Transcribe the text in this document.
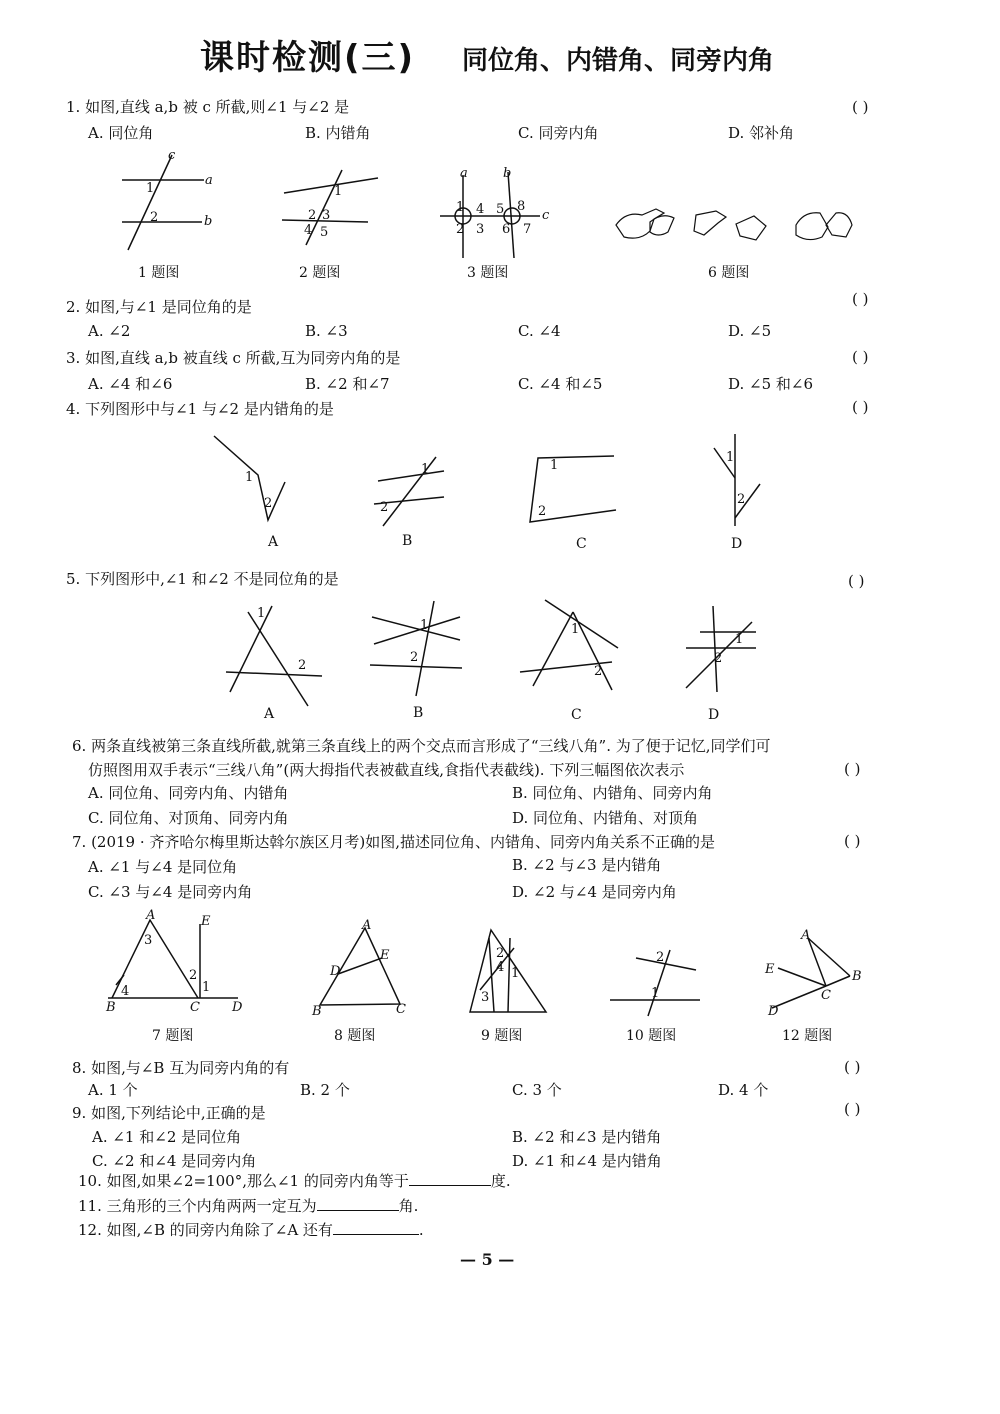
课时检测(三) 同位角、内错角、同旁内角
1. 如图,直线 a,b 被 c 所截,则∠1 与∠2 是	( )
A. 同位角	B. 内错角	C. 同旁内角	D. 邻补角
c
a
b
1
2
1
2 3
4 5
a	b
c
1
2 3
4 5
6 7
8
1 题图	2 题图	3 题图	6 题图
2. 如图,与∠1 是同位角的是	( )
A. ∠2	B. ∠3	C. ∠4	D. ∠5
3. 如图,直线 a,b 被直线 c 所截,互为同旁内角的是	( )
A. ∠4 和∠6	B. ∠2 和∠7	C. ∠4 和∠5	D. ∠5 和∠6
4. 下列图形中与∠1 与∠2 是内错角的是	( )
1
2
1
2
1
2
1
2
A	B	C	D
5. 下列图形中,∠1 和∠2 不是同位角的是	( )
1
2
1
2
1
2
1
2
A	B	C	D
6. 两条直线被第三条直线所截,就第三条直线上的两个交点而言形成了“三线八角”. 为了便于记忆,同学们可
仿照图用双手表示“三线八角”(两大拇指代表被截直线,食指代表截线). 下列三幅图依次表示	( )
A. 同位角、同旁内角、内错角	B. 同位角、内错角、同旁内角
C. 同位角、对顶角、同旁内角	D. 同位角、内错角、对顶角
7. (2019 · 齐齐哈尔梅里斯达斡尔族区月考)如图,描述同位角、内错角、同旁内角关系不正确的是	( )
A. ∠1 与∠4 是同位角	B. ∠2 与∠3 是内错角
C. ∠3 与∠4 是同旁内角	D. ∠2 与∠4 是同旁内角
A	E
3
2
1
4
B	C D
A
E
D
B	C
2
4 1
3
2
1
A
B
E
C
D
7 题图	8 题图	9 题图	10 题图	12 题图
8. 如图,与∠B 互为同旁内角的有	( )
A. 1 个	B. 2 个	C. 3 个	D. 4 个
9. 如图,下列结论中,正确的是	( )
A. ∠1 和∠2 是同位角	B. ∠2 和∠3 是内错角
C. ∠2 和∠4 是同旁内角	D. ∠1 和∠4 是内错角
10. 如图,如果∠2=100°,那么∠1 的同旁内角等于	度.
11. 三角形的三个内角两两一定互为	角.
12. 如图,∠B 的同旁内角除了∠A 还有	.
— 5 —
